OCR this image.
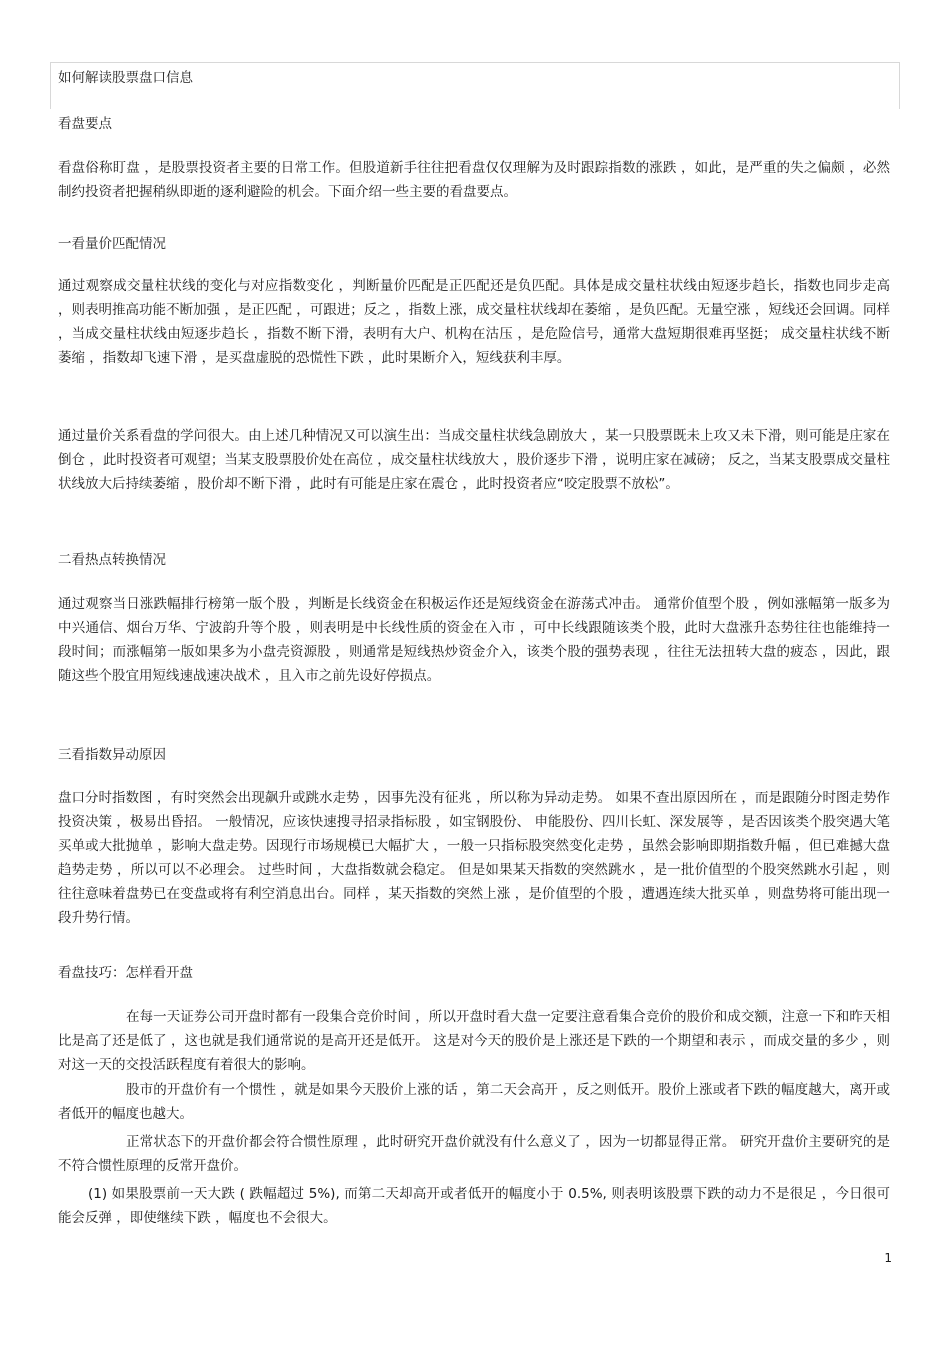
如何解读股票盘口信息
看盘要点
看盘俗称盯盘 ，是股票投资者主要的日常工作。但股道新手往往把看盘仅仅理解为及时跟踪指数的涨跌 ，如此，是严重的失之偏颇 ，必然制约投资者把握稍纵即逝的逐利避险的机会。下面介绍一些主要的看盘要点。
一看量价匹配情况
通过观察成交量柱状线的变化与对应指数变化 ，判断量价匹配是正匹配还是负匹配。具体是成交量柱状线由短逐步趋长，指数也同步走高 ，则表明推高功能不断加强 ，是正匹配 ，可跟进；反之 ，指数上涨，成交量柱状线却在萎缩 ，是负匹配。无量空涨 ，短线还会回调。同样 ，当成交量柱状线由短逐步趋长 ，指数不断下滑，表明有大户、机构在沽压 ，是危险信号，通常大盘短期很难再坚挺； 成交量柱状线不断萎缩 ，指数却飞速下滑 ，是买盘虚脱的恐慌性下跌 ，此时果断介入，短线获利丰厚。
通过量价关系看盘的学问很大。由上述几种情况又可以演生出：当成交量柱状线急剧放大 ，某一只股票既未上攻又未下滑，则可能是庄家在倒仓 ，此时投资者可观望；当某支股票股价处在高位 ，成交量柱状线放大 ，股价逐步下滑 ，说明庄家在减磅； 反之，当某支股票成交量柱状线放大后持续萎缩 ，股价却不断下滑 ，此时有可能是庄家在震仓 ，此时投资者应“咬定股票不放松”。
二看热点转换情况
通过观察当日涨跌幅排行榜第一版个股 ，判断是长线资金在积极运作还是短线资金在游荡式冲击。 通常价值型个股 ，例如涨幅第一版多为中兴通信、烟台万华、宁波韵升等个股 ，则表明是中长线性质的资金在入市 ，可中长线跟随该类个股，此时大盘涨升态势往往也能维持一段时间；而涨幅第一版如果多为小盘壳资源股 ，则通常是短线热炒资金介入，该类个股的强势表现 ，往往无法扭转大盘的疲态 ，因此，跟随这些个股宜用短线速战速决战术 ，且入市之前先设好停损点。
三看指数异动原因
盘口分时指数图 ，有时突然会出现飙升或跳水走势 ，因事先没有征兆 ，所以称为异动走势。 如果不查出原因所在 ，而是跟随分时图走势作投资决策 ，极易出昏招。 一般情况，应该快速搜寻招录指标股 ，如宝钢股份、 申能股份、四川长虹、深发展等 ，是否因该类个股突遇大笔买单或大批抛单 ，影响大盘走势。因现行市场规模已大幅扩大 ，一般一只指标股突然变化走势 ，虽然会影响即期指数升幅 ，但已难撼大盘趋势走势 ，所以可以不必理会。 过些时间 ，大盘指数就会稳定。 但是如果某天指数的突然跳水 ，是一批价值型的个股突然跳水引起 ，则往往意味着盘势已在变盘或将有利空消息出台。同样 ，某天指数的突然上涨 ，是价值型的个股 ，遭遇连续大批买单 ，则盘势将可能出现一段升势行情。
看盘技巧：怎样看开盘
在每一天证券公司开盘时都有一段集合竞价时间 ，所以开盘时看大盘一定要注意看集合竞价的股价和成交额，注意一下和昨天相比是高了还是低了 ，这也就是我们通常说的是高开还是低开。 这是对今天的股价是上涨还是下跌的一个期望和表示 ，而成交量的多少 ，则对这一天的交投活跃程度有着很大的影响。
股市的开盘价有一个惯性 ，就是如果今天股价上涨的话 ，第二天会高开 ，反之则低开。股价上涨或者下跌的幅度越大，离开或者低开的幅度也越大。
正常状态下的开盘价都会符合惯性原理 ，此时研究开盘价就没有什么意义了 ，因为一切都显得正常。 研究开盘价主要研究的是不符合惯性原理的反常开盘价。
(1) 如果股票前一天大跌 ( 跌幅超过 5%), 而第二天却高开或者低开的幅度小于 0.5%, 则表明该股票下跌的动力不是很足 ，今日很可能会反弹 ，即使继续下跌 ，幅度也不会很大。
1
